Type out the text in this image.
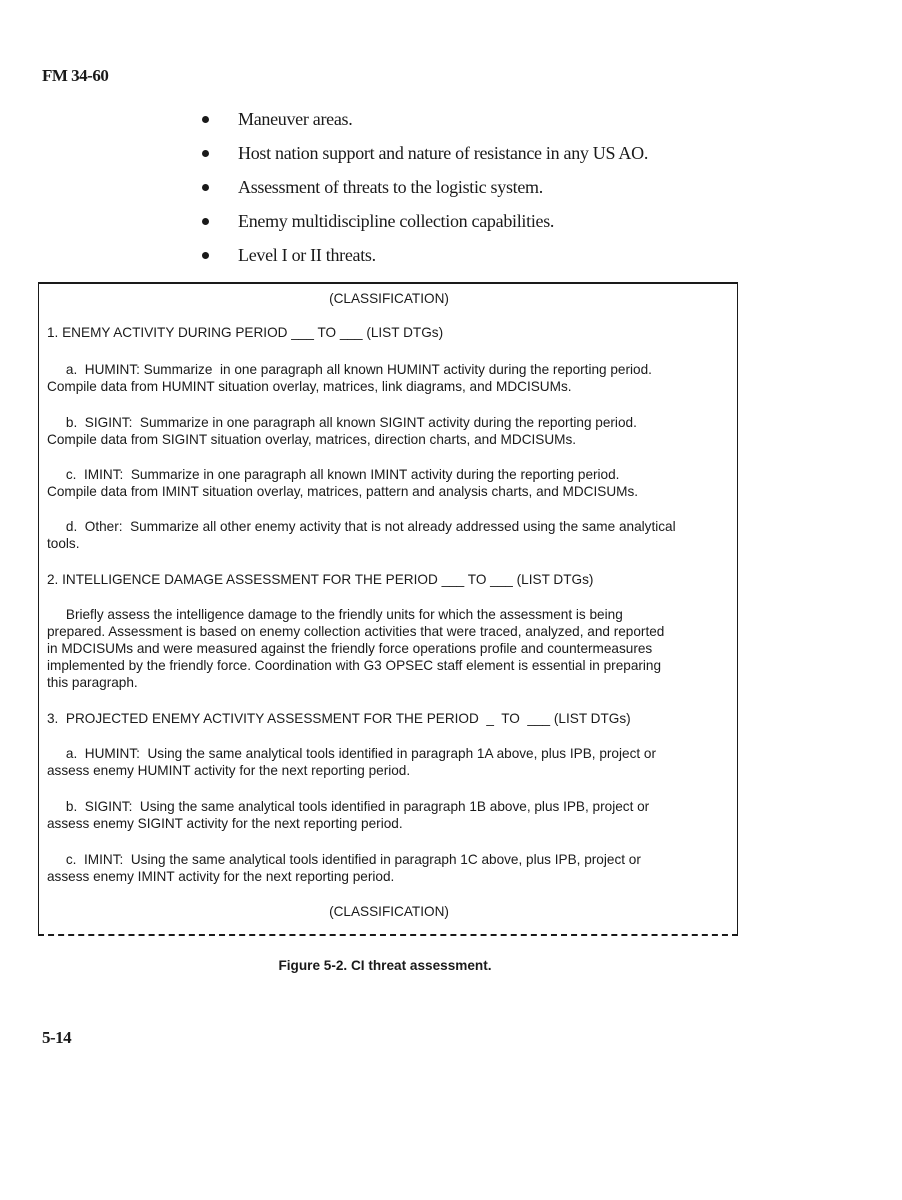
FM 34-60
Maneuver areas.
Host nation support and nature of resistance in any US AO.
Assessment of threats to the logistic system.
Enemy multidiscipline collection capabilities.
Level I or II threats.
(CLASSIFICATION)
1. ENEMY ACTIVITY DURING PERIOD ___ TO ___ (LIST DTGs)
a.  HUMINT: Summarize  in one paragraph all known HUMINT activity during the reporting period.
Compile data from HUMINT situation overlay, matrices, link diagrams, and MDCISUMs.
b.  SIGINT:  Summarize in one paragraph all known SIGINT activity during the reporting period.
Compile data from SIGINT situation overlay, matrices, direction charts, and MDCISUMs.
c.  IMINT:  Summarize in one paragraph all known IMINT activity during the reporting period.
Compile data from IMINT situation overlay, matrices, pattern and analysis charts, and MDCISUMs.
d.  Other:  Summarize all other enemy activity that is not already addressed using the same analytical
tools.
2. INTELLIGENCE DAMAGE ASSESSMENT FOR THE PERIOD ___ TO ___ (LIST DTGs)
Briefly assess the intelligence damage to the friendly units for which the assessment is being
prepared. Assessment is based on enemy collection activities that were traced, analyzed, and reported
in MDCISUMs and were measured against the friendly force operations profile and countermeasures
implemented by the friendly force. Coordination with G3 OPSEC staff element is essential in preparing
this paragraph.
3.  PROJECTED ENEMY ACTIVITY ASSESSMENT FOR THE PERIOD  _  TO  ___ (LIST DTGs)
a.  HUMINT:  Using the same analytical tools identified in paragraph 1A above, plus IPB, project or
assess enemy HUMINT activity for the next reporting period.
b.  SIGINT:  Using the same analytical tools identified in paragraph 1B above, plus IPB, project or
assess enemy SIGINT activity for the next reporting period.
c.  IMINT:  Using the same analytical tools identified in paragraph 1C above, plus IPB, project or
assess enemy IMINT activity for the next reporting period.
(CLASSIFICATION)
Figure 5-2. CI threat assessment.
5-14
